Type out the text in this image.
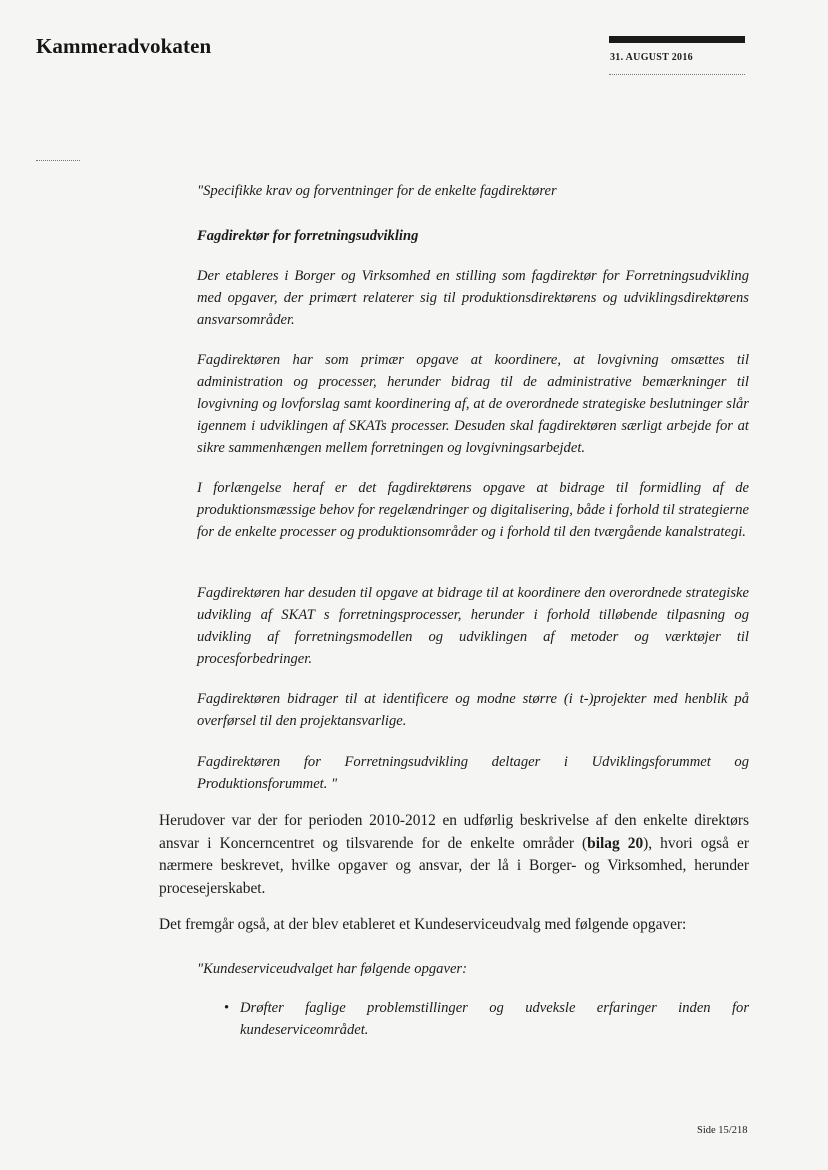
Kammeradvokaten	31. AUGUST 2016

"Specifikke krav og forventninger for de enkelte fagdirektører

Fagdirektør for forretningsudvikling

Der etableres i Borger og Virksomhed en stilling som fagdirektør for Forretningsudvikling med opgaver, der primært relaterer sig til produktionsdirektørens og udviklingsdirektørens ansvarsområder.

Fagdirektøren har som primær opgave at koordinere, at lovgivning omsættes til administration og processer, herunder bidrag til de administrative bemærkninger til lovgivning og lovforslag samt koordinering af, at de overordnede strategiske beslutninger slår igennem i udviklingen af SKATs processer. Desuden skal fagdirektøren særligt arbejde for at sikre sammenhængen mellem forretningen og lovgivningsarbejdet.

I forlængelse heraf er det fagdirektørens opgave at bidrage til formidling af de produktionsmæssige behov for regelændringer og digitalisering, både i forhold til strategierne for de enkelte processer og produktionsområder og i forhold til den tværgående kanalstrategi.

Fagdirektøren har desuden til opgave at bidrage til at koordinere den overordnede strategiske udvikling af SKAT s forretningsprocesser, herunder i forhold tilløbende tilpasning og udvikling af forretningsmodellen og udviklingen af metoder og værktøjer til procesforbedringer.

Fagdirektøren bidrager til at identificere og modne større (i t-)projekter med henblik på overførsel til den projektansvarlige.

Fagdirektøren for Forretningsudvikling deltager i Udviklingsforummet og Produktionsforummet. "

Herudover var der for perioden 2010-2012 en udførlig beskrivelse af den enkelte direktørs ansvar i Koncerncentret og tilsvarende for de enkelte områder (bilag 20), hvori også er nærmere beskrevet, hvilke opgaver og ansvar, der lå i Borger- og Virksomhed, herunder procesejerskabet.

Det fremgår også, at der blev etableret et Kundeserviceudvalg med følgende opgaver:

"Kundeserviceudvalget har følgende opgaver:

• Drøfter faglige problemstillinger og udveksle erfaringer inden for kundeserviceområdet.
Side 15/218
